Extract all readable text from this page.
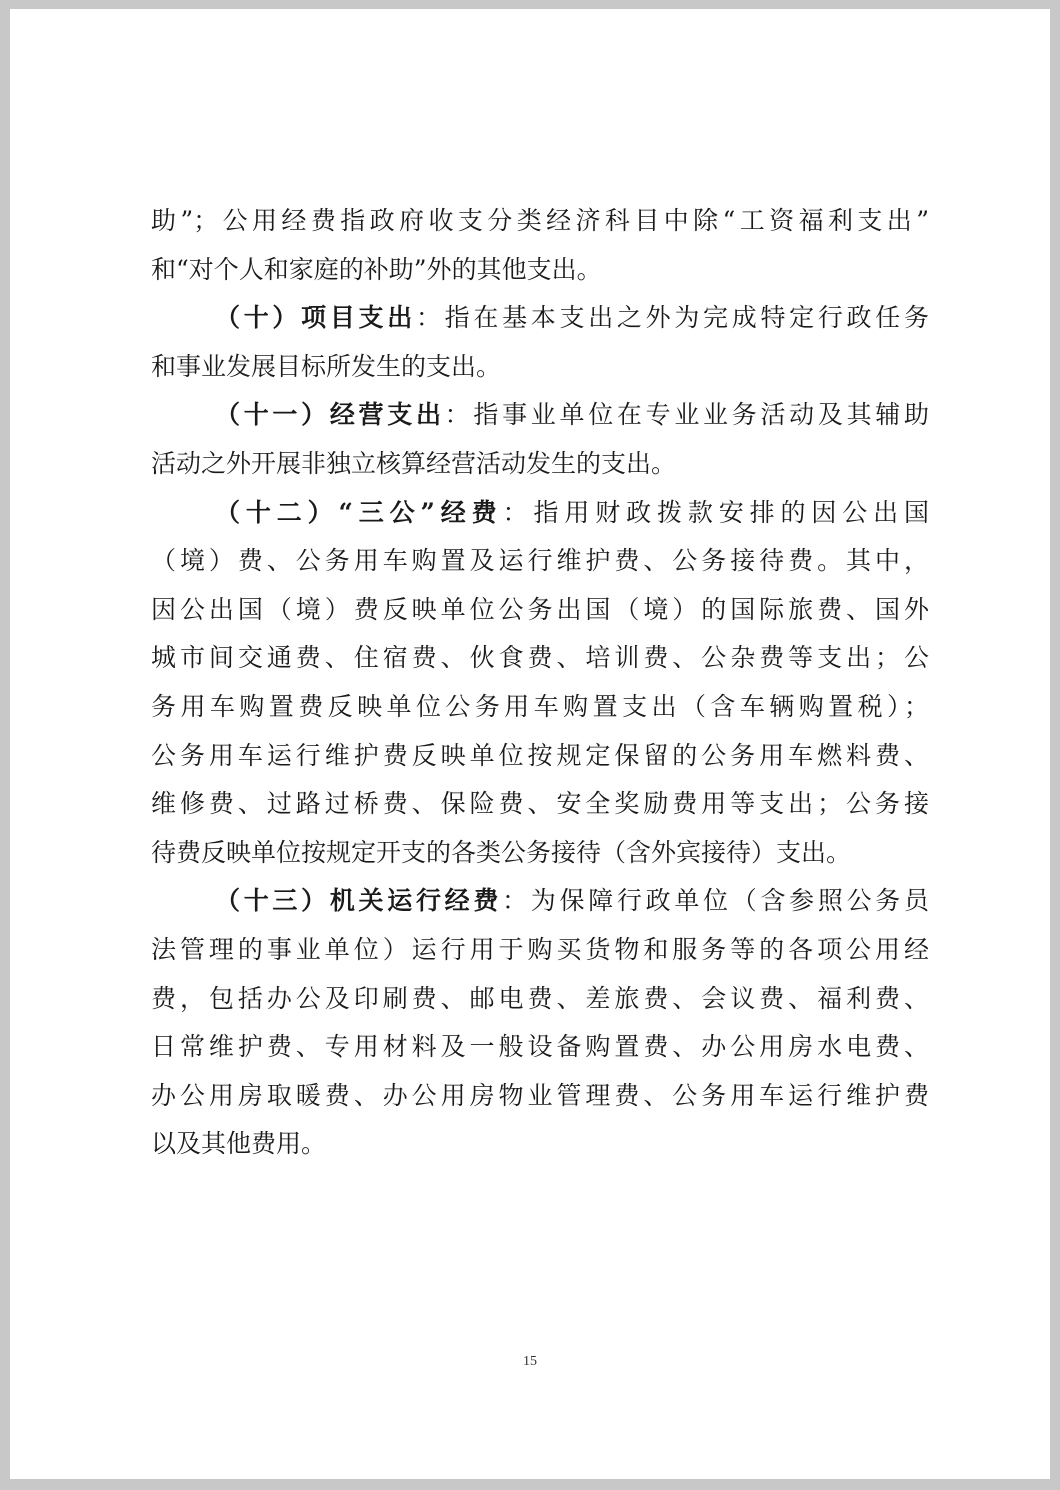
助”；公用经费指政府收支分类经济科目中除“工资福利支出”
和“对个人和家庭的补助”外的其他支出。
（十）项目支出：指在基本支出之外为完成特定行政任务
和事业发展目标所发生的支出。
（十一）经营支出：指事业单位在专业业务活动及其辅助
活动之外开展非独立核算经营活动发生的支出。
（十二）“三公”经费：指用财政拨款安排的因公出国
（境）费、公务用车购置及运行维护费、公务接待费。其中，
因公出国（境）费反映单位公务出国（境）的国际旅费、国外
城市间交通费、住宿费、伙食费、培训费、公杂费等支出；公
务用车购置费反映单位公务用车购置支出（含车辆购置税）；
公务用车运行维护费反映单位按规定保留的公务用车燃料费、
维修费、过路过桥费、保险费、安全奖励费用等支出；公务接
待费反映单位按规定开支的各类公务接待（含外宾接待）支出。
（十三）机关运行经费：为保障行政单位（含参照公务员
法管理的事业单位）运行用于购买货物和服务等的各项公用经
费，包括办公及印刷费、邮电费、差旅费、会议费、福利费、
日常维护费、专用材料及一般设备购置费、办公用房水电费、
办公用房取暖费、办公用房物业管理费、公务用车运行维护费
以及其他费用。
15
